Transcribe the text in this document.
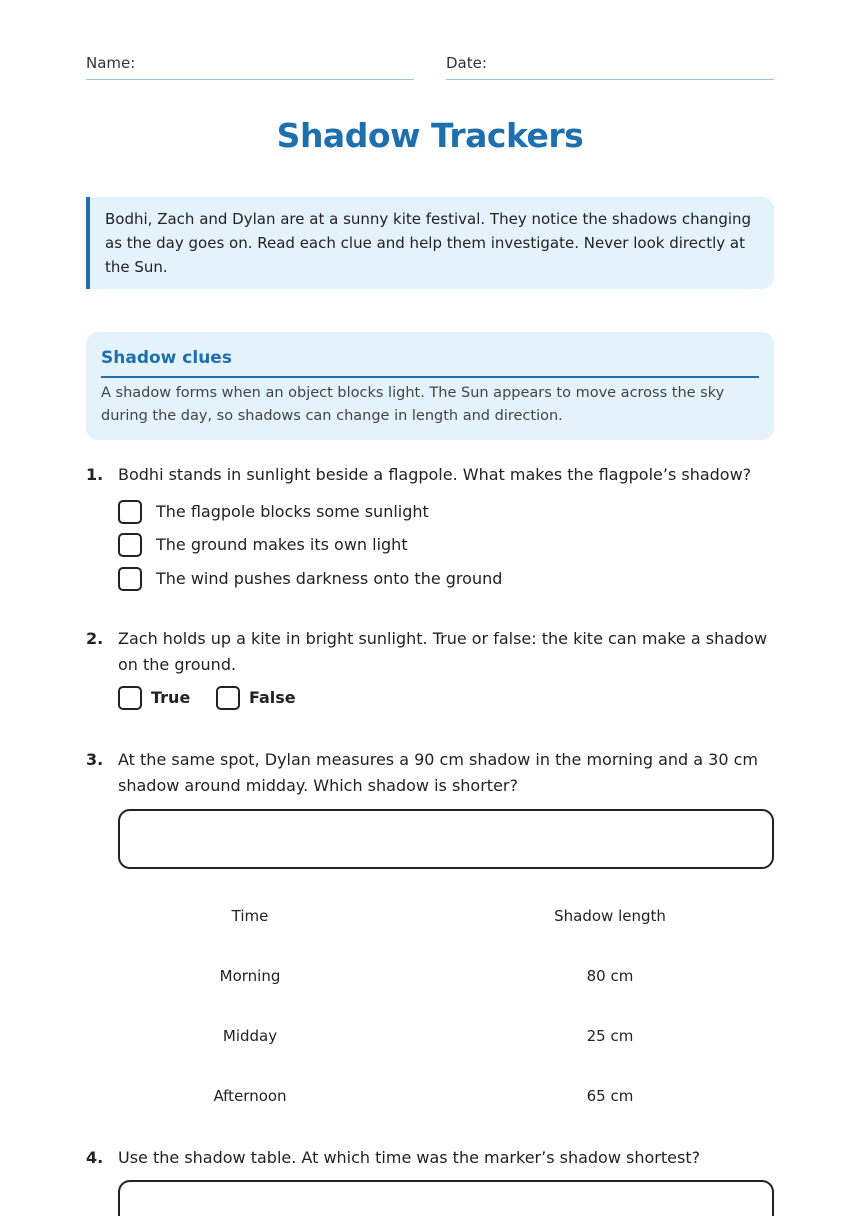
Name:	Date:
Shadow Trackers
Bodhi, Zach and Dylan are at a sunny kite festival. They notice the shadows changing as the day goes on. Read each clue and help them investigate. Never look directly at the Sun.
Shadow clues

A shadow forms when an object blocks light. The Sun appears to move across the sky during the day, so shadows can change in length and direction.

1. Bodhi stands in sunlight beside a flagpole. What makes the flagpole’s shadow?
The flagpole blocks some sunlight
The ground makes its own light
The wind pushes darkness onto the ground
2. Zach holds up a kite in bright sunlight. True or false: the kite can make a shadow on the ground.
True	False
3. At the same spot, Dylan measures a 90 cm shadow in the morning and a 30 cm shadow around midday. Which shadow is shorter?
Time	Shadow length
Morning	80 cm
Midday	25 cm
Afternoon	65 cm
4. Use the shadow table. At which time was the marker’s shadow shortest?
